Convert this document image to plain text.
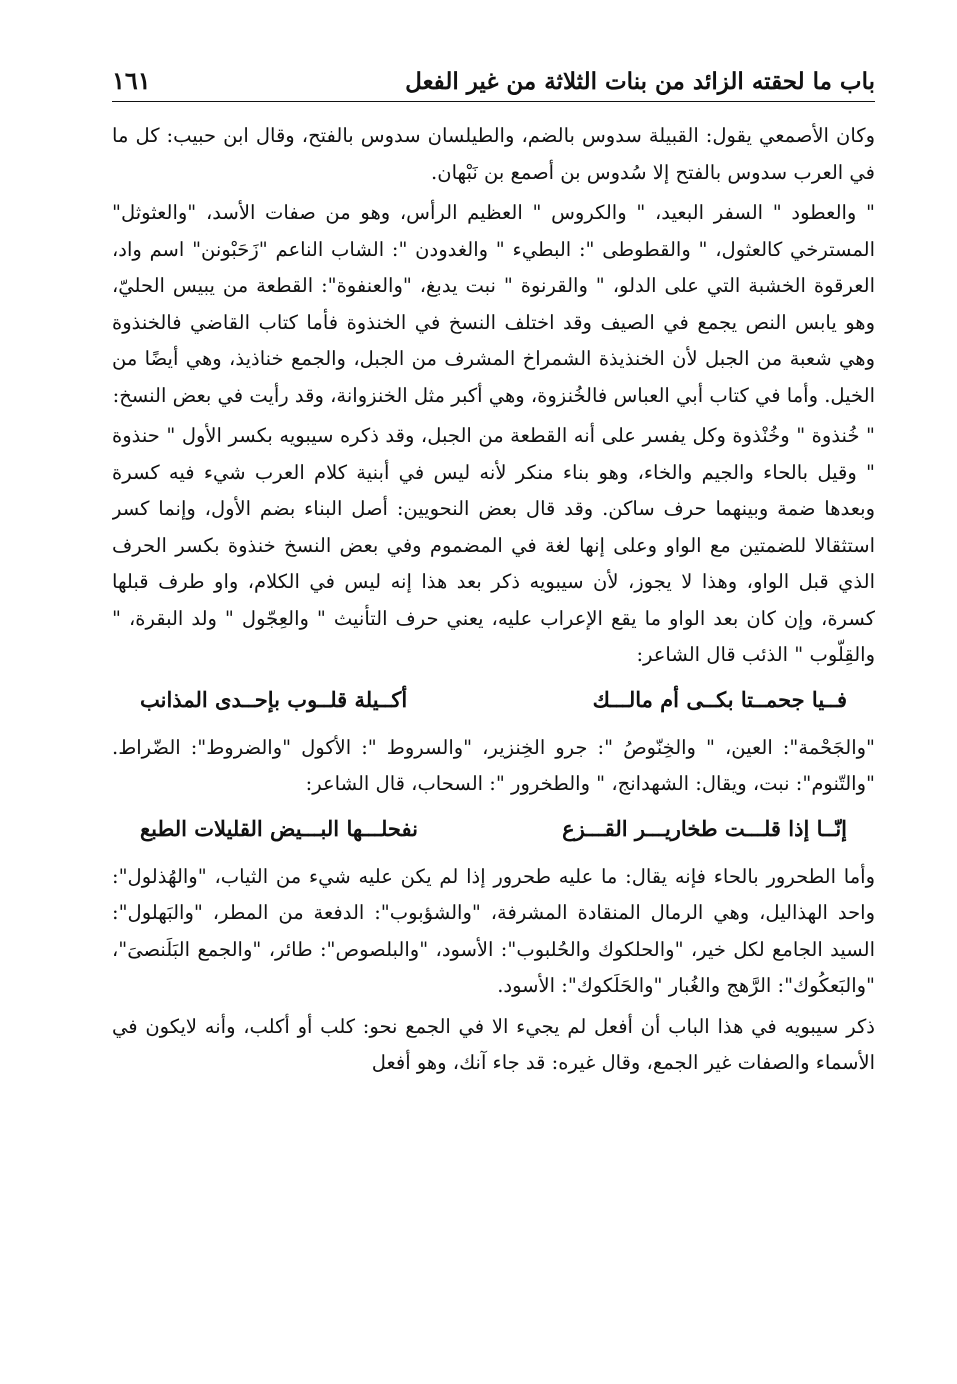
باب ما لحقته الزائد من بنات الثلاثة من غير الفعل
١٦١

وكان الأصمعي يقول: القبيلة سدوس بالضم، والطيلسان سدوس بالفتح، وقال ابن حبيب: كل ما في العرب سدوس بالفتح إلا سُدوس بن أصمع بن نَبْهان.

" والعطود " السفر البعيد، " والكروس " العظيم الرأس، وهو من صفات الأسد، "والعثوثل" المسترخي كالعثول، " والقطوطى ": البطيء " والغدودن ": الشاب الناعم "زَحَبْونن" اسم واد، العرقوة الخشبة التي على الدلو، " والقرنوة " نبت يدبغ، "والعنفوة": القطعة من يبيس الحليّ، وهو يابس النص يجمع في الصيف وقد اختلف النسخ في الخنذوة فأما كتاب القاضي فالخنذوة وهي شعبة من الجبل لأن الخنذيذة الشمراخ المشرف من الجبل، والجمع خناذيذ، وهي أيضًا من الخيل. وأما في كتاب أبي العباس فالخُنزوة، وهي أكبر مثل الخنزوانة، وقد رأيت في بعض النسخ:

" خُنذوة " وخُنْذوة وكل يفسر على أنه القطعة من الجبل، وقد ذكره سيبويه بكسر الأول " حنذوة " وقيل بالحاء والجيم والخاء، وهو بناء منكر لأنه ليس في أبنية كلام العرب شيء فيه كسرة وبعدها ضمة وبينهما حرف ساكن. وقد قال بعض النحويين: أصل البناء بضم الأول، وإنما كسر استثقالا للضمتين مع الواو وعلى إنها لغة في المضموم وفي بعض النسخ خنذوة بكسر الحرف الذي قبل الواو، وهذا لا يجوز، لأن سيبويه ذكر بعد هذا إنه ليس في الكلام، واو طرف قبلها كسرة، وإن كان بعد الواو ما يقع الإعراب عليه، يعني حرف التأنيث " والعِجّول " ولد البقرة، " والقِلّوب " الذئب قال الشاعر:

فــيا جحمــتا بكــى أم مالـــك
أكــيلة قلــوب بإحــدى المذانب

"والجَحْمة": العين، " والخِنّوصُ ": جرو الخِنزير، "والسروط ": الأكول "والضروط": الضّراط. "والتّنوم": نبت، ويقال: الشهدانج، " والطخرور ": السحاب، قال الشاعر:

إنّــا إذا قلـــت طخاريـــر القـــزع
نفحلـــها البـــيض القليلات الطبع

وأما الطحرور بالحاء فإنه يقال: ما عليه طحرور إذا لم يكن عليه شيء من الثياب، "والهُذلول": واحد الهذاليل، وهي الرمال المنقادة المشرفة، "والشؤبوب": الدفعة من المطر، "والبَهلول": السيد الجامع لكل خير، "والحلكوك والحُلبوب": الأسود، "والبلصوص": طائر، "والجمع البَلَنصىَ"، "والبَعكُوك": الرَّهج والغُبار "والحَلَكوك": الأسود.

ذكر سيبويه في هذا الباب أن أفعل لم يجيء الا في الجمع نحو: كلب أو أكلب، وأنه لايكون في الأسماء والصفات غير الجمع، وقال غيره: قد جاء آنك، وهو أفعل
